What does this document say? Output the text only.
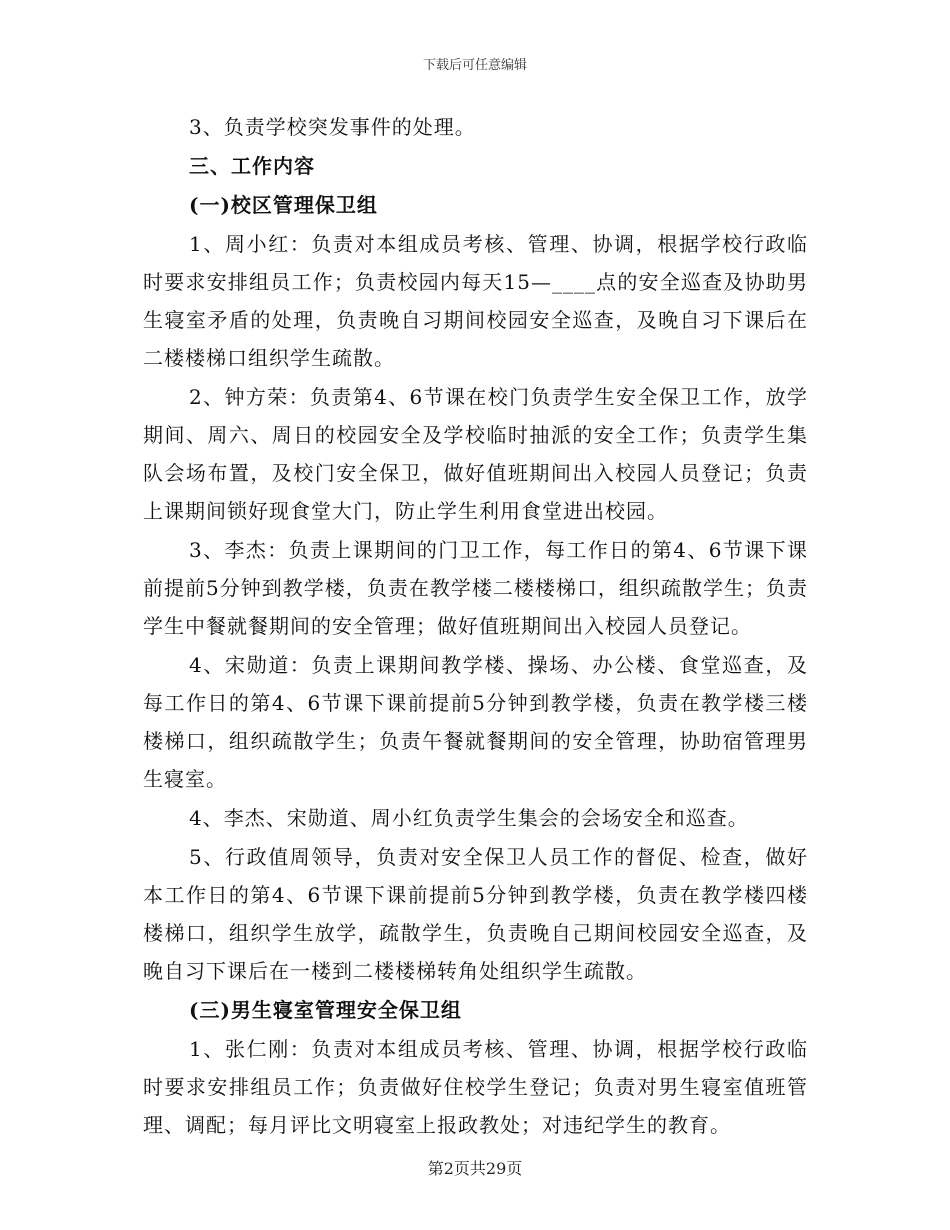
下载后可任意编辑

3、负责学校突发事件的处理。

三、工作内容

(一)校区管理保卫组

1、周小红：负责对本组成员考核、管理、协调，根据学校行政临时要求安排组员工作；负责校园内每天15—____点的安全巡查及协助男生寝室矛盾的处理，负责晚自习期间校园安全巡查，及晚自习下课后在二楼楼梯口组织学生疏散。

2、钟方荣：负责第4、6节课在校门负责学生安全保卫工作，放学期间、周六、周日的校园安全及学校临时抽派的安全工作；负责学生集队会场布置，及校门安全保卫，做好值班期间出入校园人员登记；负责上课期间锁好现食堂大门，防止学生利用食堂进出校园。

3、李杰：负责上课期间的门卫工作，每工作日的第4、6节课下课前提前5分钟到教学楼，负责在教学楼二楼楼梯口，组织疏散学生；负责学生中餐就餐期间的安全管理；做好值班期间出入校园人员登记。

4、宋勋道：负责上课期间教学楼、操场、办公楼、食堂巡查，及每工作日的第4、6节课下课前提前5分钟到教学楼，负责在教学楼三楼楼梯口，组织疏散学生；负责午餐就餐期间的安全管理，协助宿管理男生寝室。

4、李杰、宋勋道、周小红负责学生集会的会场安全和巡查。

5、行政值周领导，负责对安全保卫人员工作的督促、检查，做好本工作日的第4、6节课下课前提前5分钟到教学楼，负责在教学楼四楼楼梯口，组织学生放学，疏散学生，负责晚自己期间校园安全巡查，及晚自习下课后在一楼到二楼楼梯转角处组织学生疏散。

(三)男生寝室管理安全保卫组

1、张仁刚：负责对本组成员考核、管理、协调，根据学校行政临时要求安排组员工作；负责做好住校学生登记；负责对男生寝室值班管理、调配；每月评比文明寝室上报政教处；对违纪学生的教育。

第2页共29页
